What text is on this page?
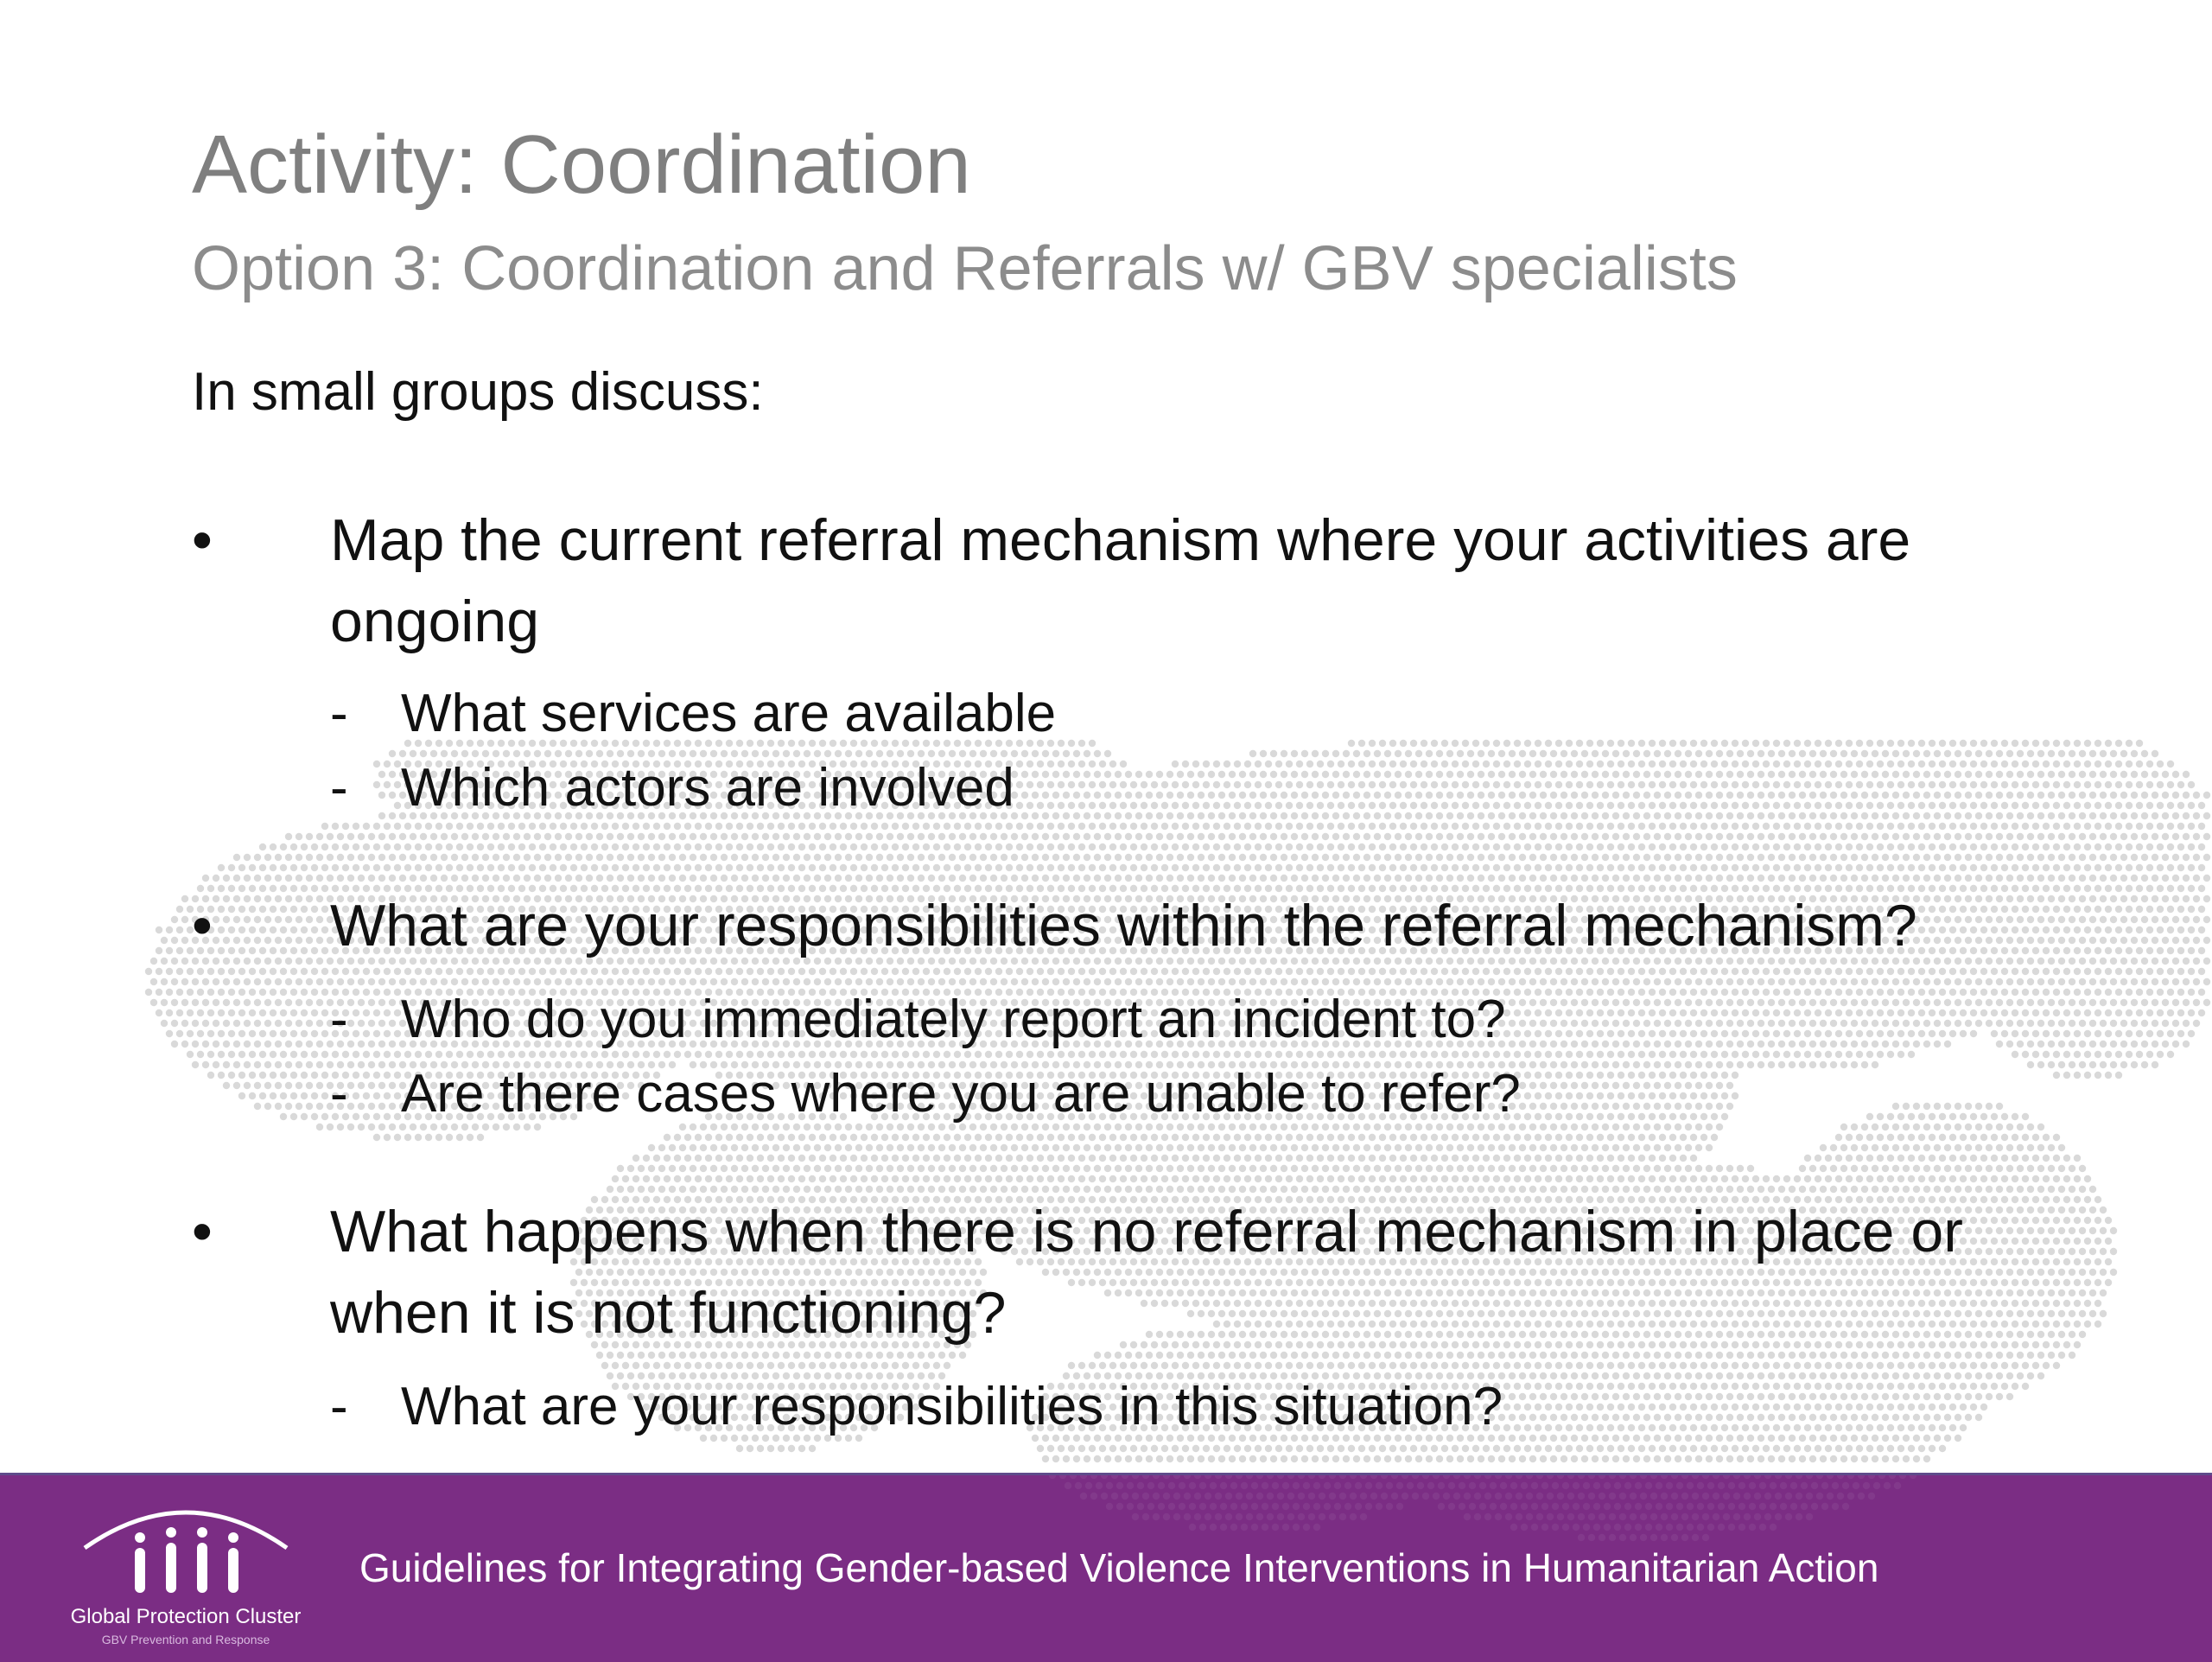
Activity: Coordination
Option 3: Coordination and Referrals w/ GBV specialists
In small groups discuss:
•	Map the current referral mechanism where your activities are ongoing
- What services are available
- Which actors are involved
•	What are your responsibilities within the referral mechanism?
- Who do you immediately report an incident to?
- Are there cases where you are unable to refer?
•	What happens when there is no referral mechanism in place or when it is not functioning?
- What are your responsibilities in this situation?
Global Protection Cluster
GBV Prevention and Response
Guidelines for Integrating Gender-based Violence Interventions in Humanitarian Action
